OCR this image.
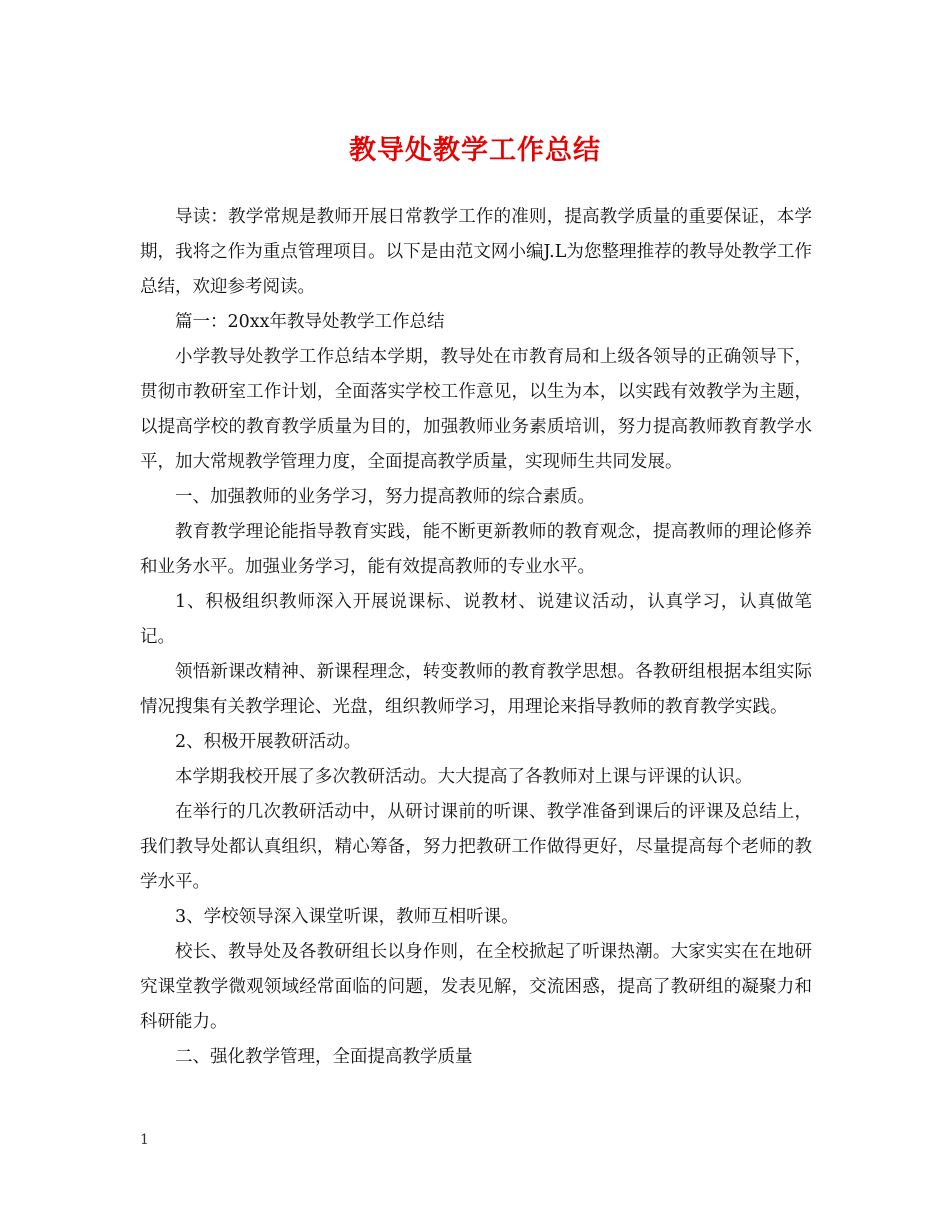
教导处教学工作总结

导读：教学常规是教师开展日常教学工作的准则，提高教学质量的重要保证，本学期，我将之作为重点管理项目。以下是由范文网小编J.L为您整理推荐的教导处教学工作总结，欢迎参考阅读。

篇一：20xx年教导处教学工作总结

小学教导处教学工作总结本学期，教导处在市教育局和上级各领导的正确领导下，贯彻市教研室工作计划，全面落实学校工作意见，以生为本，以实践有效教学为主题，以提高学校的教育教学质量为目的，加强教师业务素质培训，努力提高教师教育教学水平，加大常规教学管理力度，全面提高教学质量，实现师生共同发展。

一、加强教师的业务学习，努力提高教师的综合素质。

教育教学理论能指导教育实践，能不断更新教师的教育观念，提高教师的理论修养和业务水平。加强业务学习，能有效提高教师的专业水平。

1、积极组织教师深入开展说课标、说教材、说建议活动，认真学习，认真做笔记。

领悟新课改精神、新课程理念，转变教师的教育教学思想。各教研组根据本组实际情况搜集有关教学理论、光盘，组织教师学习，用理论来指导教师的教育教学实践。

2、积极开展教研活动。

本学期我校开展了多次教研活动。大大提高了各教师对上课与评课的认识。

在举行的几次教研活动中，从研讨课前的听课、教学准备到课后的评课及总结上，我们教导处都认真组织，精心筹备，努力把教研工作做得更好，尽量提高每个老师的教学水平。

3、学校领导深入课堂听课，教师互相听课。

校长、教导处及各教研组长以身作则，在全校掀起了听课热潮。大家实实在在地研究课堂教学微观领域经常面临的问题，发表见解，交流困惑，提高了教研组的凝聚力和科研能力。

二、强化教学管理，全面提高教学质量

1
